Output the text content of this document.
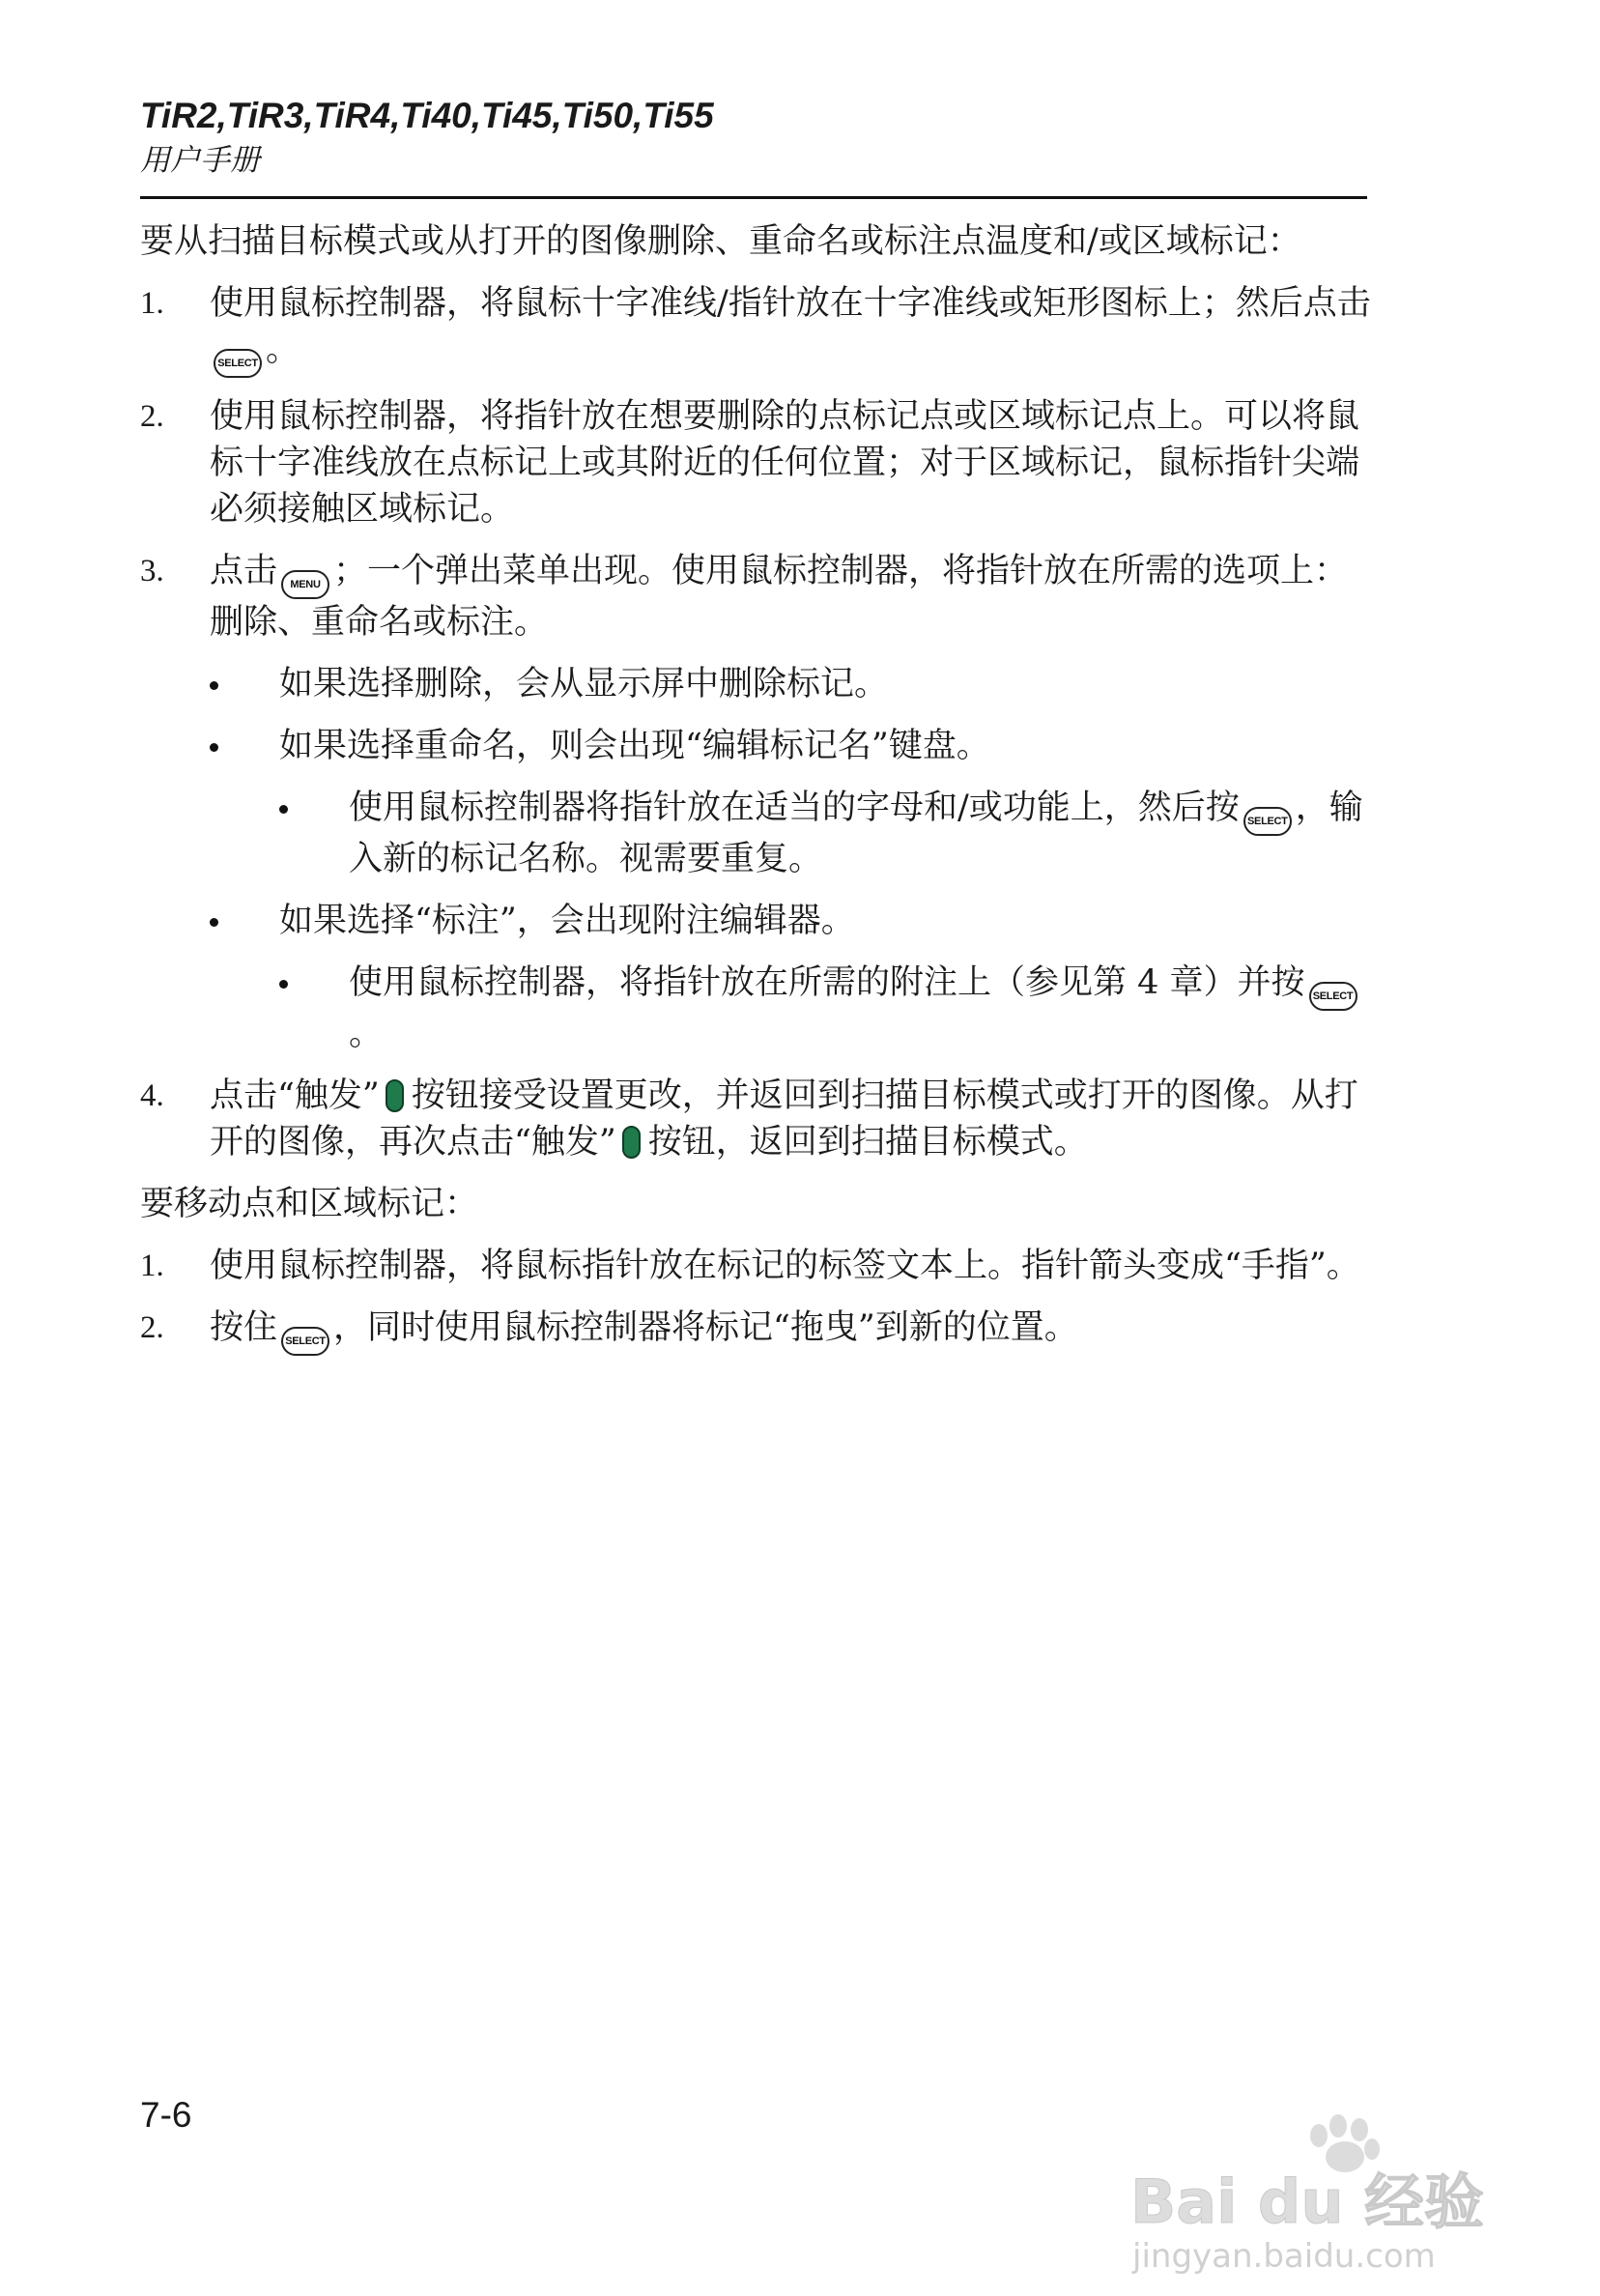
TiR2,TiR3,TiR4,Ti40,Ti45,Ti50,Ti55
用户手册

要从扫描目标模式或从打开的图像删除、重命名或标注点温度和/或区域标记：

1. 使用鼠标控制器，将鼠标十字准线/指针放在十字准线或矩形图标上；然后点击SELECT 。
2. 使用鼠标控制器，将指针放在想要删除的点标记点或区域标记点上。可以将鼠标十字准线放在点标记上或其附近的任何位置；对于区域标记，鼠标指针尖端必须接触区域标记。
3. 点击 MENU ；一个弹出菜单出现。使用鼠标控制器，将指针放在所需的选项上：删除、重命名或标注。
如果选择删除，会从显示屏中删除标记。
如果选择重命名，则会出现“编辑标记名”键盘。
使用鼠标控制器将指针放在适当的字母和/或功能上，然后按 SELECT ，输入新的标记名称。视需要重复。
如果选择“标注”，会出现附注编辑器。
使用鼠标控制器，将指针放在所需的附注上（参见第 4 章）并按 SELECT。
4. 点击“触发” 按钮接受设置更改，并返回到扫描目标模式或打开的图像。从打开的图像，再次点击“触发” 按钮，返回到扫描目标模式。

要移动点和区域标记：

1. 使用鼠标控制器，将鼠标指针放在标记的标签文本上。指针箭头变成“手指”。
2. 按住 SELECT ，同时使用鼠标控制器将标记“拖曳”到新的位置。
7-6
Bai du 经验
jingyan.baidu.com
